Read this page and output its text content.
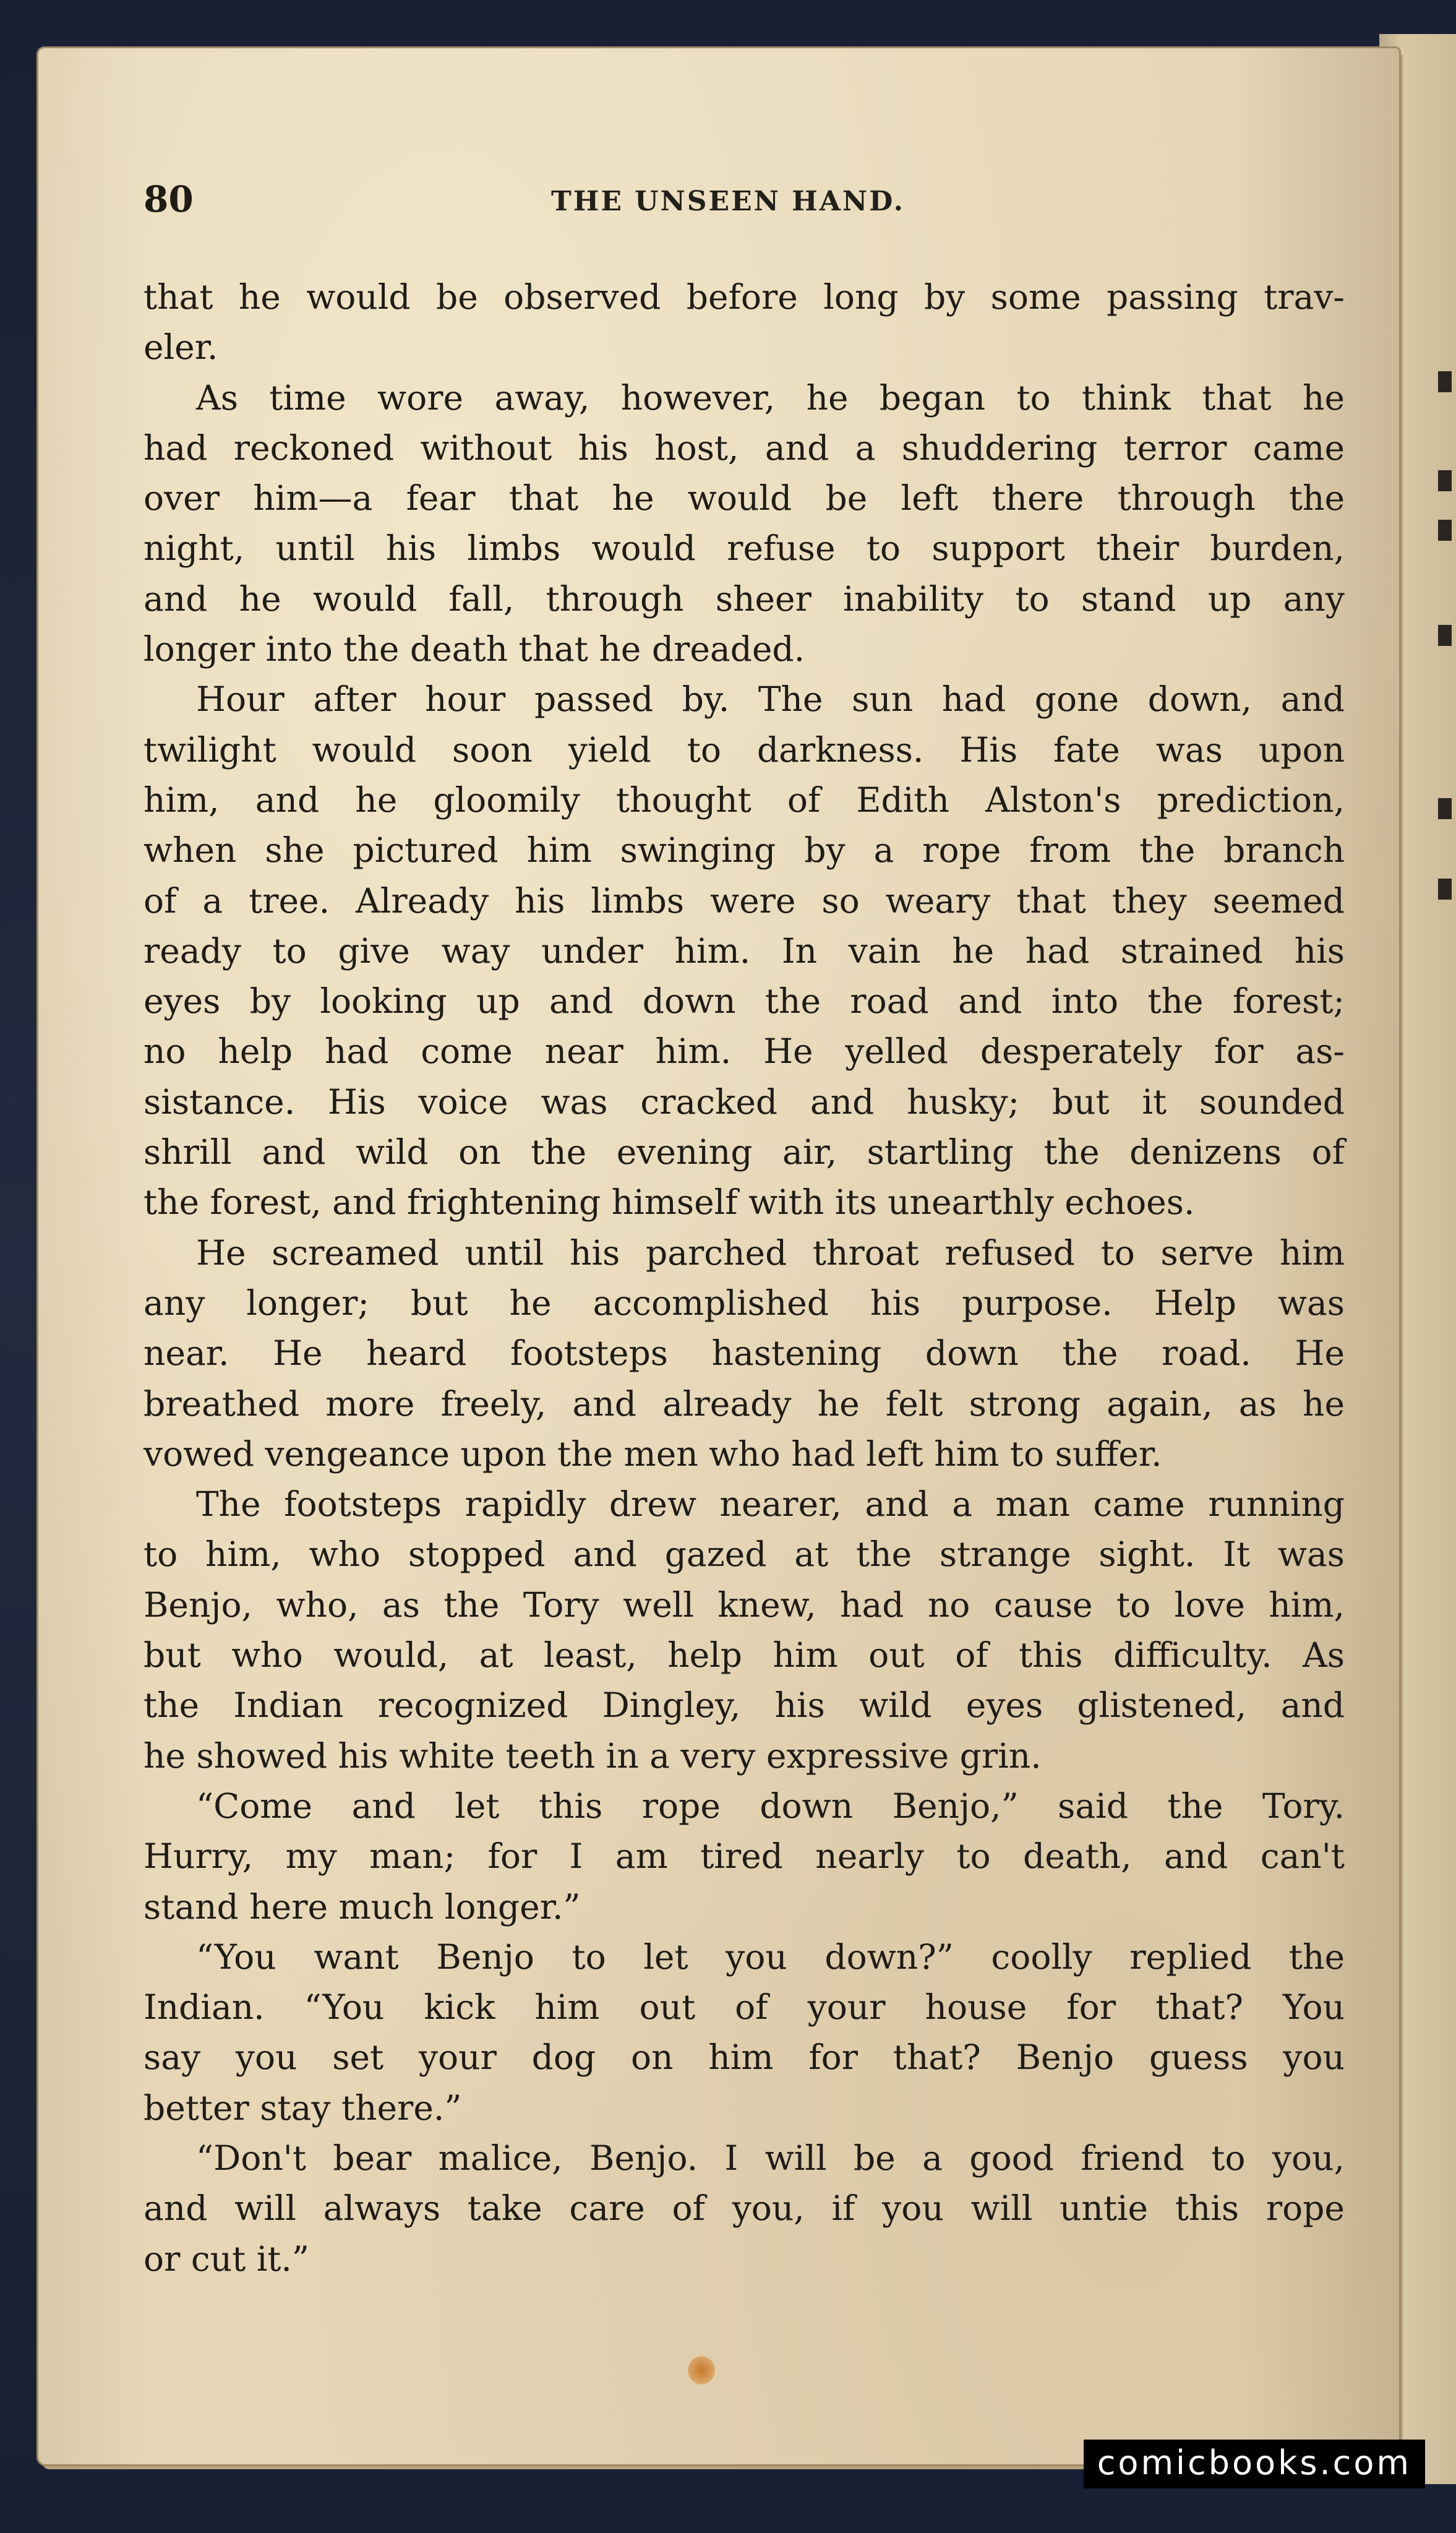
80	THE UNSEEN HAND.

that he would be observed before long by some passing trav-
eler.

As time wore away, however, he began to think that he
had reckoned without his host, and a shuddering terror came
over him—a fear that he would be left there through the
night, until his limbs would refuse to support their burden,
and he would fall, through sheer inability to stand up any
longer into the death that he dreaded.

Hour after hour passed by. The sun had gone down, and
twilight would soon yield to darkness. His fate was upon
him, and he gloomily thought of Edith Alston's prediction,
when she pictured him swinging by a rope from the branch
of a tree. Already his limbs were so weary that they seemed
ready to give way under him. In vain he had strained his
eyes by looking up and down the road and into the forest;
no help had come near him. He yelled desperately for as-
sistance. His voice was cracked and husky; but it sounded
shrill and wild on the evening air, startling the denizens of
the forest, and frightening himself with its unearthly echoes.

He screamed until his parched throat refused to serve him
any longer; but he accomplished his purpose. Help was
near. He heard footsteps hastening down the road. He
breathed more freely, and already he felt strong again, as he
vowed vengeance upon the men who had left him to suffer.

The footsteps rapidly drew nearer, and a man came running
to him, who stopped and gazed at the strange sight. It was
Benjo, who, as the Tory well knew, had no cause to love him,
but who would, at least, help him out of this difficulty. As
the Indian recognized Dingley, his wild eyes glistened, and
he showed his white teeth in a very expressive grin.

“Come and let this rope down Benjo,” said the Tory.
Hurry, my man; for I am tired nearly to death, and can't
stand here much longer.”

“You want Benjo to let you down?” coolly replied the
Indian. “You kick him out of your house for that? You
say you set your dog on him for that? Benjo guess you
better stay there.”

“Don't bear malice, Benjo. I will be a good friend to you,
and will always take care of you, if you will untie this rope
or cut it.”

comicbooks.com
